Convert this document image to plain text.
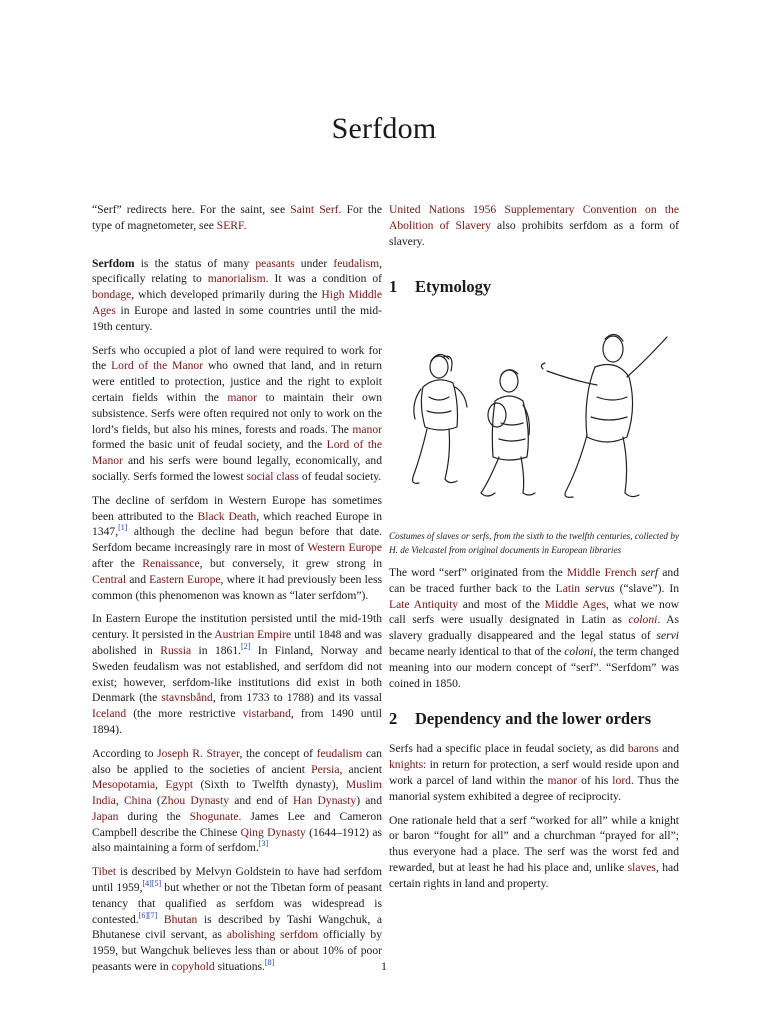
Serfdom

“Serf” redirects here. For the saint, see Saint Serf. For the type of magnetometer, see SERF.

Serfdom is the status of many peasants under feudalism, specifically relating to manorialism. It was a condition of bondage, which developed primarily during the High Middle Ages in Europe and lasted in some countries until the mid-19th century.

Serfs who occupied a plot of land were required to work for the Lord of the Manor who owned that land, and in return were entitled to protection, justice and the right to exploit certain fields within the manor to maintain their own subsistence. Serfs were often required not only to work on the lord’s fields, but also his mines, forests and roads. The manor formed the basic unit of feudal society, and the Lord of the Manor and his serfs were bound legally, economically, and socially. Serfs formed the lowest social class of feudal society.

The decline of serfdom in Western Europe has sometimes been attributed to the Black Death, which reached Europe in 1347,[1] although the decline had begun before that date. Serfdom became increasingly rare in most of Western Europe after the Renaissance, but conversely, it grew strong in Central and Eastern Europe, where it had previously been less common (this phenomenon was known as “later serfdom”).

In Eastern Europe the institution persisted until the mid-19th century. It persisted in the Austrian Empire until 1848 and was abolished in Russia in 1861.[2] In Finland, Norway and Sweden feudalism was not established, and serfdom did not exist; however, serfdom-like institutions did exist in both Denmark (the stavnsbånd, from 1733 to 1788) and its vassal Iceland (the more restrictive vistarband, from 1490 until 1894).

According to Joseph R. Strayer, the concept of feudalism can also be applied to the societies of ancient Persia, ancient Mesopotamia, Egypt (Sixth to Twelfth dynasty), Muslim India, China (Zhou Dynasty and end of Han Dynasty) and Japan during the Shogunate. James Lee and Cameron Campbell describe the Chinese Qing Dynasty (1644–1912) as also maintaining a form of serfdom.[3]

Tibet is described by Melvyn Goldstein to have had serfdom until 1959,[4][5] but whether or not the Tibetan form of peasant tenancy that qualified as serfdom was widespread is contested.[6][7] Bhutan is described by Tashi Wangchuk, a Bhutanese civil servant, as abolishing serfdom officially by 1959, but Wangchuk believes less than or about 10% of poor peasants were in copyhold situations.[8]

United Nations 1956 Supplementary Convention on the Abolition of Slavery also prohibits serfdom as a form of slavery.

1 Etymology

Costumes of slaves or serfs, from the sixth to the twelfth centuries, collected by H. de Vielcastel from original documents in European libraries

The word “serf” originated from the Middle French serf and can be traced further back to the Latin servus (“slave”). In Late Antiquity and most of the Middle Ages, what we now call serfs were usually designated in Latin as coloni. As slavery gradually disappeared and the legal status of servi became nearly identical to that of the coloni, the term changed meaning into our modern concept of “serf”. “Serfdom” was coined in 1850.

2 Dependency and the lower orders

Serfs had a specific place in feudal society, as did barons and knights: in return for protection, a serf would reside upon and work a parcel of land within the manor of his lord. Thus the manorial system exhibited a degree of reciprocity.

One rationale held that a serf “worked for all” while a knight or baron “fought for all” and a churchman “prayed for all”; thus everyone had a place. The serf was the worst fed and rewarded, but at least he had his place and, unlike slaves, had certain rights in land and property.

1
